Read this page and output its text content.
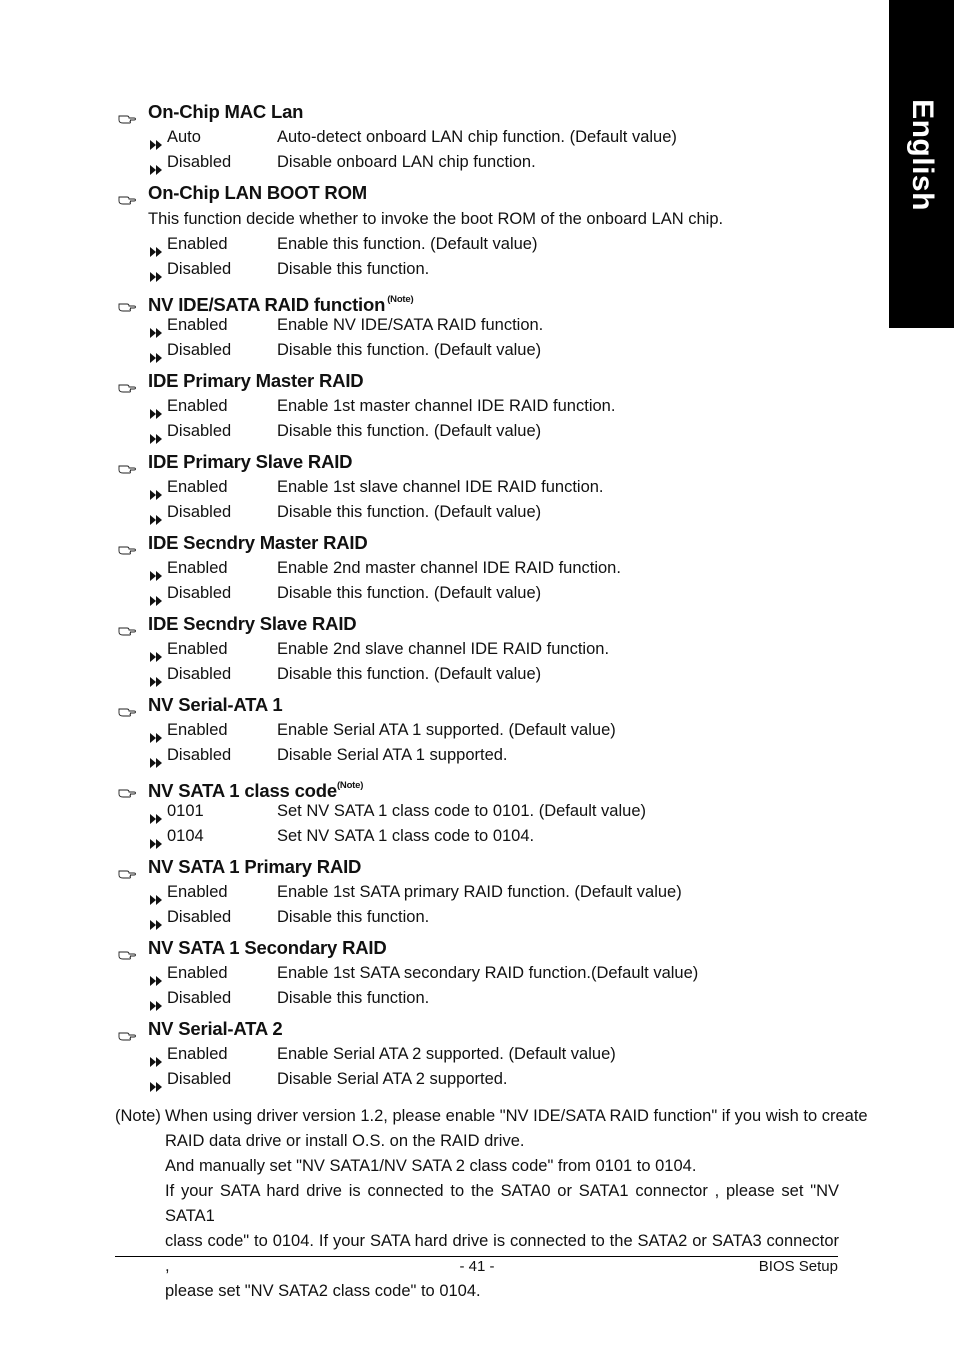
English
On-Chip MAC Lan
Auto	Auto-detect onboard LAN chip function. (Default value)
Disabled	Disable onboard LAN chip function.
On-Chip LAN BOOT ROM
This function decide whether to invoke the boot ROM of the onboard LAN chip.
Enabled	Enable this function. (Default value)
Disabled	Disable this function.
NV IDE/SATA RAID function $^{(Note)}$
Enabled	Enable NV IDE/SATA RAID function.
Disabled	Disable this function. (Default value)
IDE Primary Master RAID
Enabled	Enable 1st master channel IDE RAID function.
Disabled	Disable this function. (Default value)
IDE Primary Slave RAID
Enabled	Enable 1st slave channel IDE RAID function.
Disabled	Disable this function. (Default value)
IDE Secndry Master RAID
Enabled	Enable 2nd master channel IDE RAID function.
Disabled	Disable this function. (Default value)
IDE Secndry Slave RAID
Enabled	Enable 2nd slave channel IDE RAID function.
Disabled	Disable this function. (Default value)
NV Serial-ATA 1
Enabled	Enable Serial ATA 1 supported. (Default value)
Disabled	Disable Serial ATA 1 supported.
NV SATA 1 class code$^{(Note)}$
0101	Set NV SATA 1 class code to 0101. (Default value)
0104	Set NV SATA 1 class code to 0104.
NV SATA 1 Primary RAID
Enabled	Enable 1st SATA primary RAID function. (Default value)
Disabled	Disable this function.
NV SATA 1 Secondary RAID
Enabled	Enable 1st SATA secondary RAID function.(Default value)
Disabled	Disable this function.
NV Serial-ATA 2
Enabled	Enable Serial ATA 2 supported. (Default value)
Disabled	Disable Serial ATA 2 supported.
(Note) When using driver version 1.2, please enable "NV IDE/SATA RAID function" if you wish to create
RAID data drive or install O.S. on the RAID drive.
And manually set "NV SATA1/NV SATA 2 class code" from 0101 to 0104.
If your SATA hard drive is connected to the SATA0 or SATA1 connector , please set "NV SATA1
class code" to 0104. If your SATA hard drive is connected to the SATA2 or SATA3 connector ,
please set "NV SATA2 class code" to 0104.
- 41 -	BIOS Setup
